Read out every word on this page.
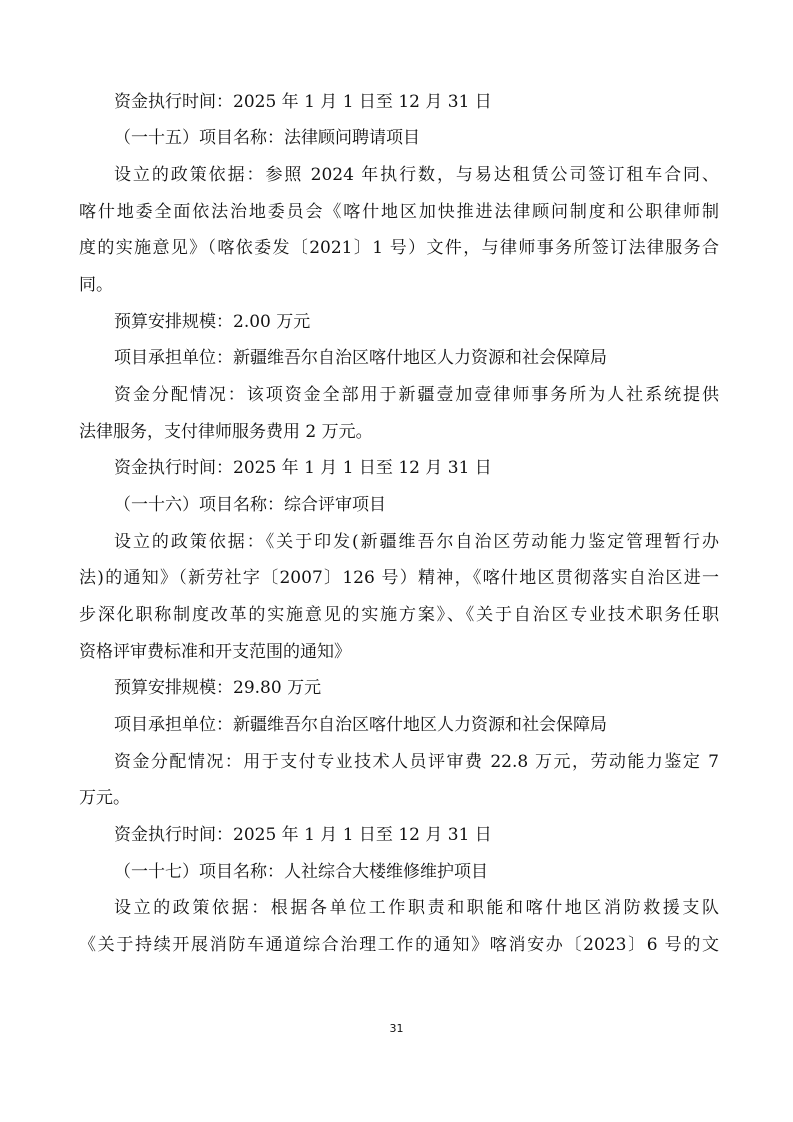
资金执行时间：2025 年 1 月 1 日至 12 月 31 日
（一十五）项目名称：法律顾问聘请项目
设立的政策依据：参照 2024 年执行数，与易达租赁公司签订租车合同、
喀什地委全面依法治地委员会《喀什地区加快推进法律顾问制度和公职律师制
度的实施意见》（喀依委发〔2021〕1 号）文件，与律师事务所签订法律服务合
同。
预算安排规模：2.00 万元
项目承担单位：新疆维吾尔自治区喀什地区人力资源和社会保障局
资金分配情况：该项资金全部用于新疆壹加壹律师事务所为人社系统提供
法律服务，支付律师服务费用 2 万元。
资金执行时间：2025 年 1 月 1 日至 12 月 31 日
（一十六）项目名称：综合评审项目
设立的政策依据：《关于印发(新疆维吾尔自治区劳动能力鉴定管理暂行办
法)的通知》（新劳社字〔2007〕126 号）精神，《喀什地区贯彻落实自治区进一
步深化职称制度改革的实施意见的实施方案》、《关于自治区专业技术职务任职
资格评审费标准和开支范围的通知》
预算安排规模：29.80 万元
项目承担单位：新疆维吾尔自治区喀什地区人力资源和社会保障局
资金分配情况：用于支付专业技术人员评审费 22.8 万元，劳动能力鉴定 7
万元。
资金执行时间：2025 年 1 月 1 日至 12 月 31 日
（一十七）项目名称：人社综合大楼维修维护项目
设立的政策依据：根据各单位工作职责和职能和喀什地区消防救援支队
《关于持续开展消防车通道综合治理工作的通知》喀消安办〔2023〕6 号的文
31
